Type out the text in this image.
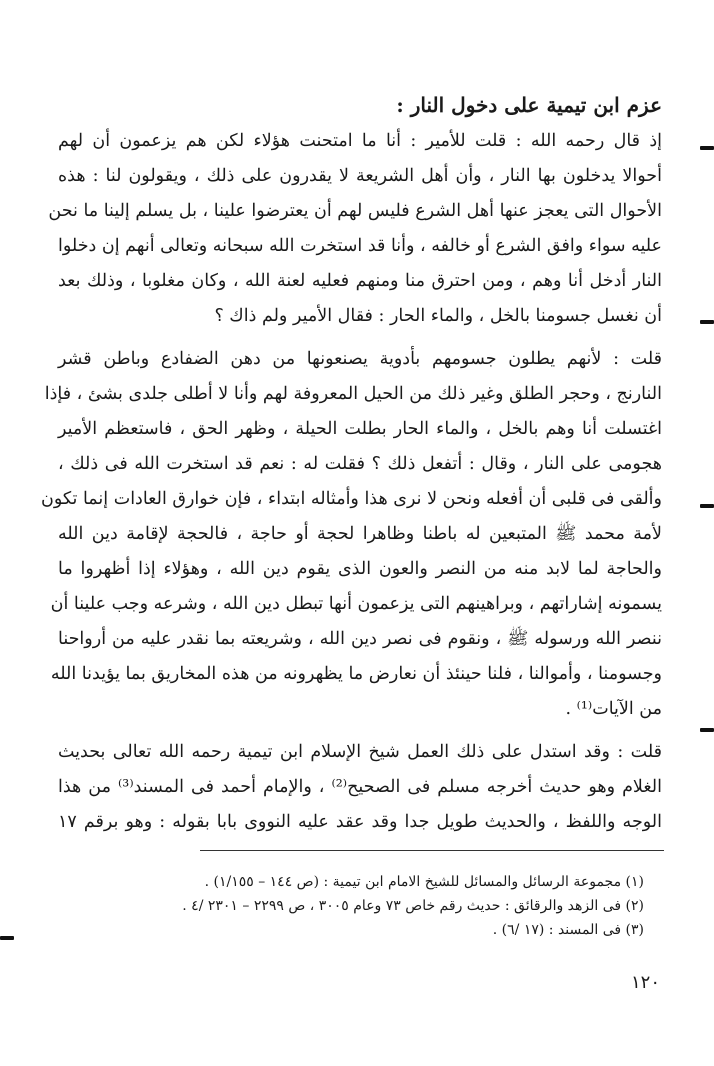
عزم ابن تيمية على دخول النار :

إذ قال رحمه الله : قلت للأمير : أنا ما امتحنت هؤلاء لكن هم يزعمون أن لهم

أحوالا يدخلون بها النار ، وأن أهل الشريعة لا يقدرون على ذلك ، ويقولون لنا : هذه

الأحوال التى يعجز عنها أهل الشرع فليس لهم أن يعترضوا علينا ، بل يسلم إلينا ما نحن

عليه سواء وافق الشرع أو خالفه ، وأنا قد استخرت الله سبحانه وتعالى أنهم إن دخلوا

النار أدخل أنا وهم ، ومن احترق منا ومنهم فعليه لعنة الله ، وكان مغلوبا ، وذلك بعد

أن نغسل جسومنا بالخل ، والماء الحار : فقال الأمير ولم ذاك ؟

قلت : لأنهم يطلون جسومهم بأدوية يصنعونها من دهن الضفادع وباطن قشر

النارنج ، وحجر الطلق وغير ذلك من الحيل المعروفة لهم وأنا لا أطلى جلدى بشئ ، فإذا

اغتسلت أنا وهم بالخل ، والماء الحار بطلت الحيلة ، وظهر الحق ، فاستعظم الأمير

هجومى على النار ، وقال : أتفعل ذلك ؟ فقلت له : نعم قد استخرت الله فى ذلك ،

وألقى فى قلبى أن أفعله ونحن لا نرى هذا وأمثاله ابتداء ، فإن خوارق العادات إنما تكون

لأمة محمد ﷺ المتبعين له باطنا وظاهرا لحجة أو حاجة ، فالحجة لإقامة دين الله

والحاجة لما لابد منه من النصر والعون الذى يقوم دين الله ، وهؤلاء إذا أظهروا ما

يسمونه إشاراتهم ، وبراهينهم التى يزعمون أنها تبطل دين الله ، وشرعه وجب علينا أن

ننصر الله ورسوله ﷺ ، ونقوم فى نصر دين الله ، وشريعته بما نقدر عليه من أرواحنا

وجسومنا ، وأموالنا ، فلنا حينئذ أن نعارض ما يظهرونه من هذه المخاريق بما يؤيدنا الله

من الآيات⁽¹⁾ .

قلت : وقد استدل على ذلك العمل شيخ الإسلام ابن تيمية رحمه الله تعالى بحديث

الغلام وهو حديث أخرجه مسلم فى الصحيح⁽²⁾ ، والإمام أحمد فى المسند⁽³⁾ من هذا

الوجه واللفظ ، والحديث طويل جدا وقد عقد عليه النووى بابا بقوله : وهو برقم ١٧

(١) مجموعة الرسائل والمسائل للشيخ الامام ابن تيمية : (ص ١٤٤ – ١/١٥٥) .
(٢) فى الزهد والرقائق : حديث رقم خاص ٧٣ وعام ٣٠٠٥ ، ص ٢٢٩٩ – ٢٣٠١ /٤ .
(٣) فى المسند : (١٧ /٦) .
١٢٠
